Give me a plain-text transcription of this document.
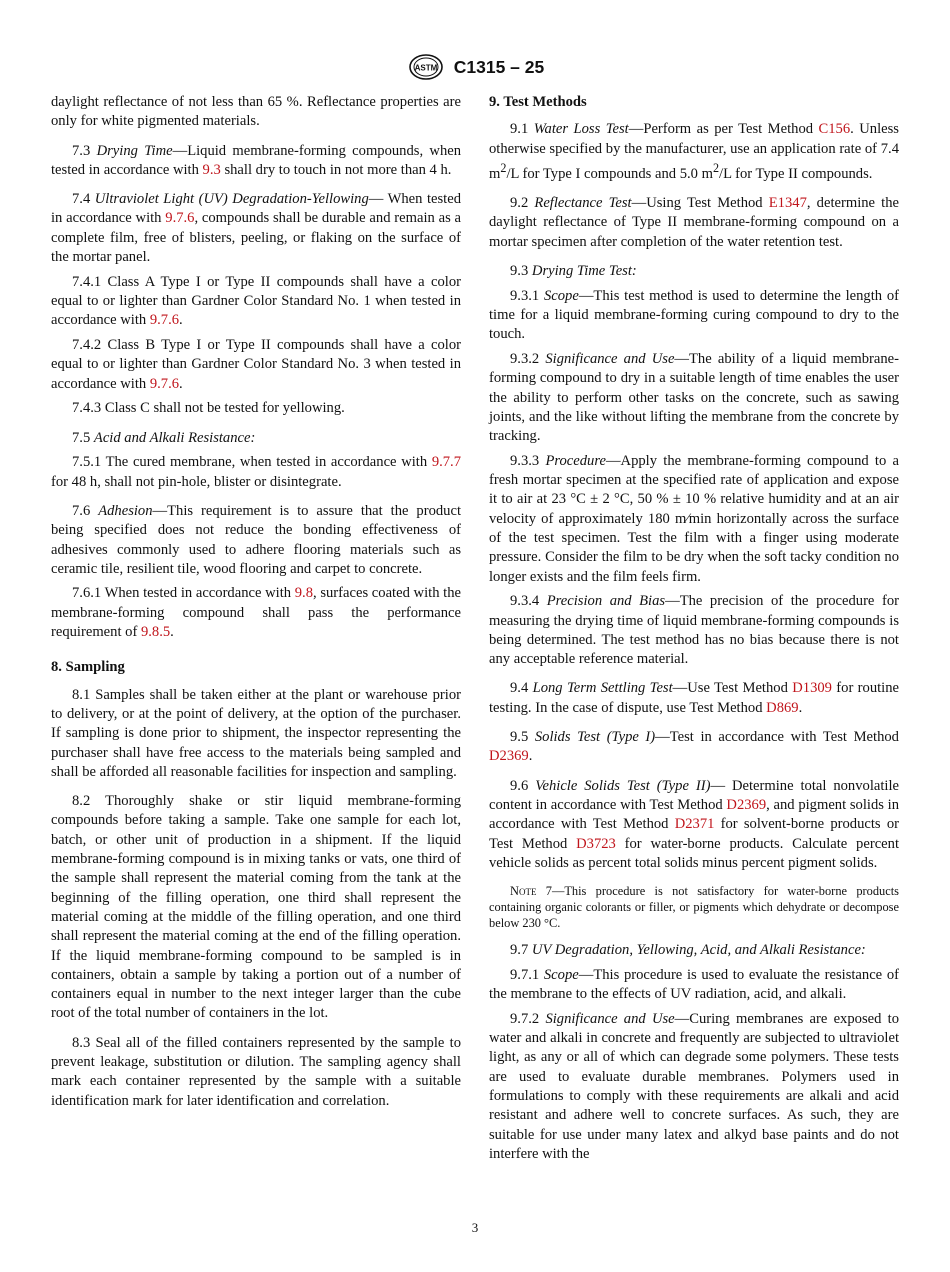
ASTM C1315 – 25

daylight reflectance of not less than 65 %. Reflectance properties are only for white pigmented materials.

7.3 Drying Time—Liquid membrane-forming compounds, when tested in accordance with 9.3 shall dry to touch in not more than 4 h.

7.4 Ultraviolet Light (UV) Degradation-Yellowing— When tested in accordance with 9.7.6, compounds shall be durable and remain as a complete film, free of blisters, peeling, or flaking on the surface of the mortar panel.

7.4.1 Class A Type I or Type II compounds shall have a color equal to or lighter than Gardner Color Standard No. 1 when tested in accordance with 9.7.6.

7.4.2 Class B Type I or Type II compounds shall have a color equal to or lighter than Gardner Color Standard No. 3 when tested in accordance with 9.7.6.

7.4.3 Class C shall not be tested for yellowing.

7.5 Acid and Alkali Resistance:

7.5.1 The cured membrane, when tested in accordance with 9.7.7 for 48 h, shall not pin-hole, blister or disintegrate.

7.6 Adhesion—This requirement is to assure that the product being specified does not reduce the bonding effectiveness of adhesives commonly used to adhere flooring materials such as ceramic tile, resilient tile, wood flooring and carpet to concrete.

7.6.1 When tested in accordance with 9.8, surfaces coated with the membrane-forming compound shall pass the performance requirement of 9.8.5.

8. Sampling

8.1 Samples shall be taken either at the plant or warehouse prior to delivery, or at the point of delivery, at the option of the purchaser. If sampling is done prior to shipment, the inspector representing the purchaser shall have free access to the materials being sampled and shall be afforded all reasonable facilities for inspection and sampling.

8.2 Thoroughly shake or stir liquid membrane-forming compounds before taking a sample. Take one sample for each lot, batch, or other unit of production in a shipment. If the liquid membrane-forming compound is in mixing tanks or vats, one third of the sample shall represent the material coming from the tank at the beginning of the filling operation, one third shall represent the material coming at the middle of the filling operation, and one third shall represent the material coming at the end of the filling operation. If the liquid membrane-forming compound to be sampled is in containers, obtain a sample by taking a portion out of a number of containers equal in number to the next integer larger than the cube root of the total number of containers in the lot.

8.3 Seal all of the filled containers represented by the sample to prevent leakage, substitution or dilution. The sampling agency shall mark each container represented by the sample with a suitable identification mark for later identification and correlation.

9. Test Methods

9.1 Water Loss Test—Perform as per Test Method C156. Unless otherwise specified by the manufacturer, use an application rate of 7.4 $m^2/L$ for Type I compounds and 5.0 $m^2/L$ for Type II compounds.

9.2 Reflectance Test—Using Test Method E1347, determine the daylight reflectance of Type II membrane-forming compound on a mortar specimen after completion of the water retention test.

9.3 Drying Time Test:

9.3.1 Scope—This test method is used to determine the length of time for a liquid membrane-forming curing compound to dry to the touch.

9.3.2 Significance and Use—The ability of a liquid membrane-forming compound to dry in a suitable length of time enables the user the ability to perform other tasks on the concrete, such as sawing joints, and the like without lifting the membrane from the concrete by tracking.

9.3.3 Procedure—Apply the membrane-forming compound to a fresh mortar specimen at the specified rate of application and expose it to air at 23 °C ± 2 °C, 50 % ± 10 % relative humidity and at an air velocity of approximately 180 m⁄min horizontally across the surface of the test specimen. Test the film with a finger using moderate pressure. Consider the film to be dry when the soft tacky condition no longer exists and the film feels firm.

9.3.4 Precision and Bias—The precision of the procedure for measuring the drying time of liquid membrane-forming compounds is being determined. The test method has no bias because there is not any acceptable reference material.

9.4 Long Term Settling Test—Use Test Method D1309 for routine testing. In the case of dispute, use Test Method D869.

9.5 Solids Test (Type I)—Test in accordance with Test Method D2369.

9.6 Vehicle Solids Test (Type II)— Determine total nonvolatile content in accordance with Test Method D2369, and pigment solids in accordance with Test Method D2371 for solvent-borne products or Test Method D3723 for water-borne products. Calculate percent vehicle solids as percent total solids minus percent pigment solids.

Note 7—This procedure is not satisfactory for water-borne products containing organic colorants or filler, or pigments which dehydrate or decompose below 230 °C.

9.7 UV Degradation, Yellowing, Acid, and Alkali Resistance:

9.7.1 Scope—This procedure is used to evaluate the resistance of the membrane to the effects of UV radiation, acid, and alkali.

9.7.2 Significance and Use—Curing membranes are exposed to water and alkali in concrete and frequently are subjected to ultraviolet light, as any or all of which can degrade some polymers. These tests are used to evaluate durable membranes. Polymers used in formulations to comply with these requirements are alkali and acid resistant and adhere well to concrete surfaces. As such, they are suitable for use under many latex and alkyd base paints and do not interfere with the

3
